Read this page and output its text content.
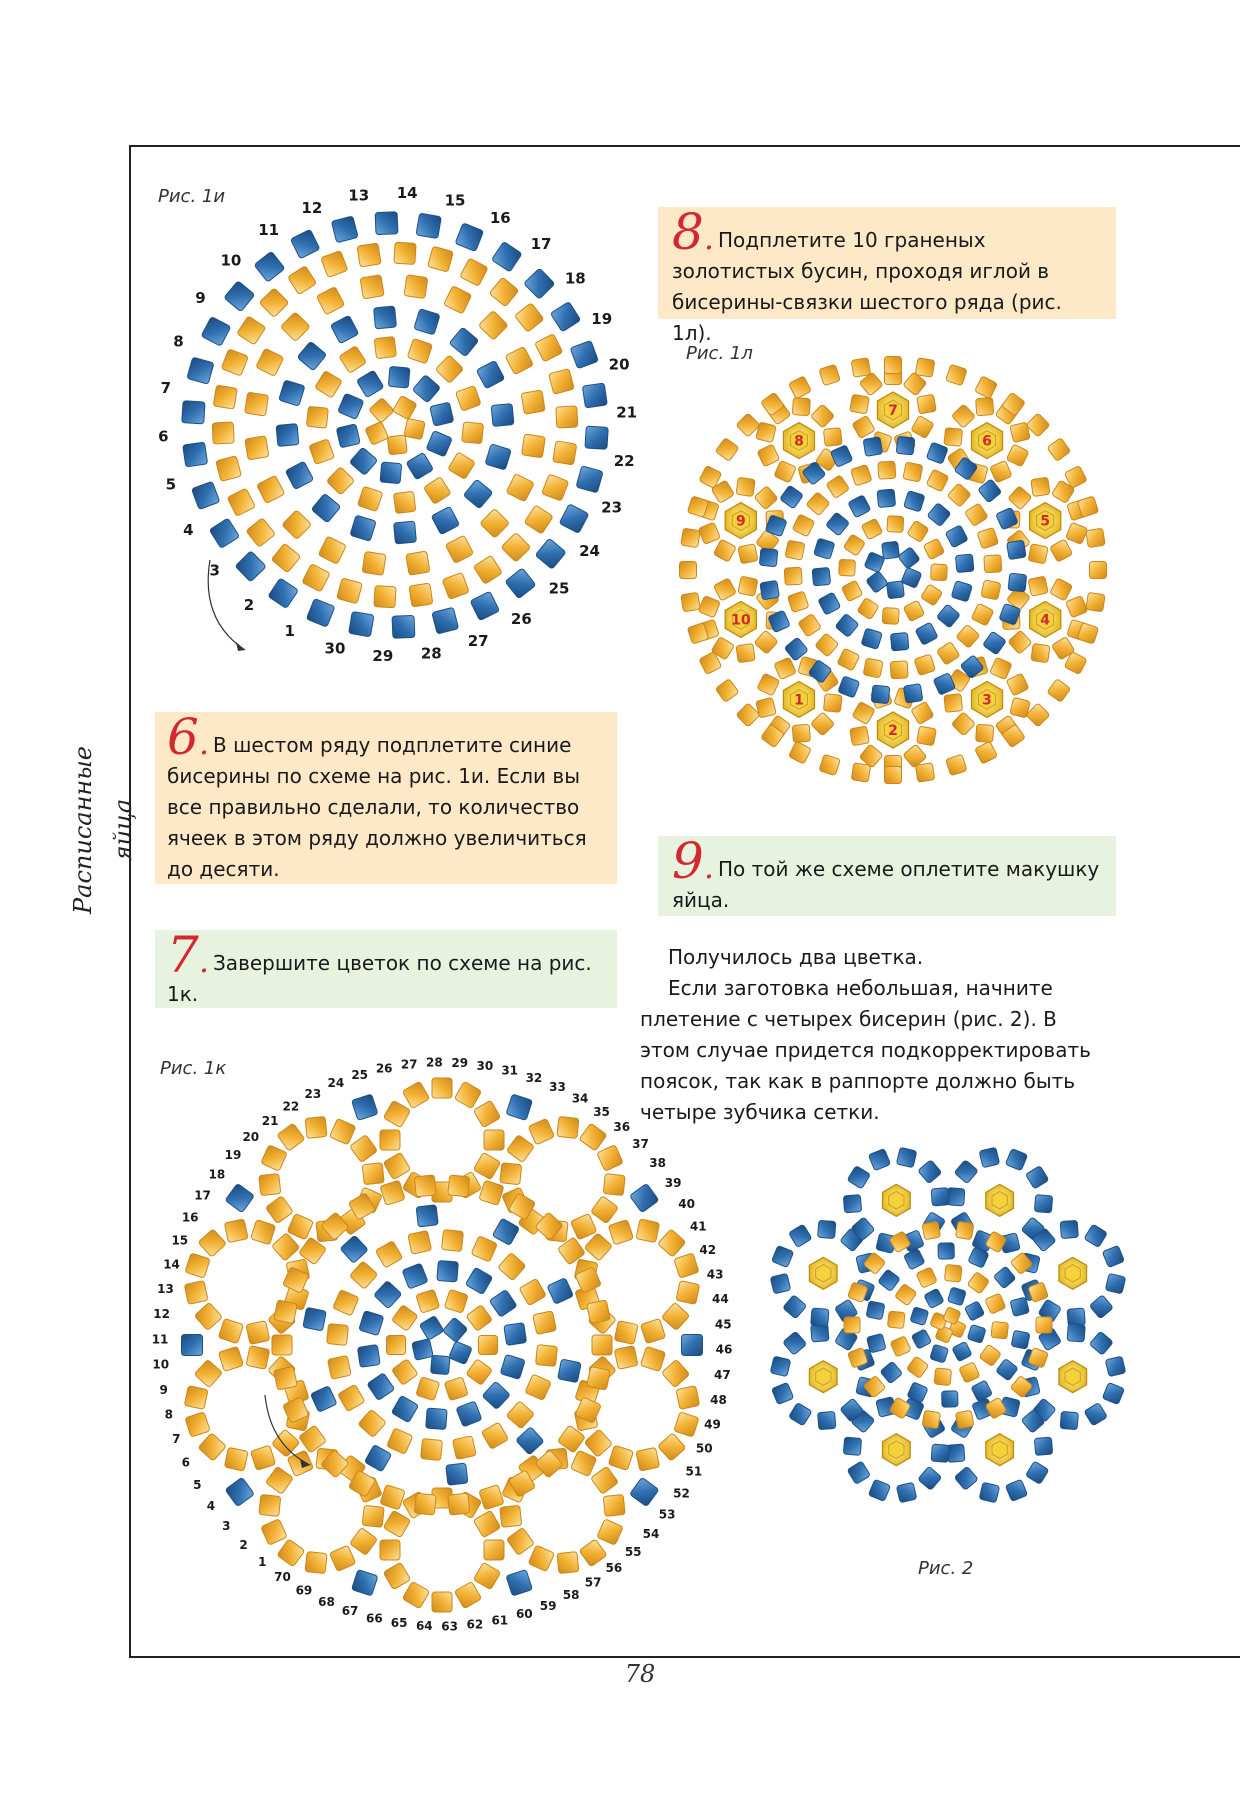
Расписанные яйца
Рис. 1и
1
2
3
4
5
6
7
8
9
10
11
12
13 14 15
16
17
18
19
20
21
22
23
24
25
26
27
28
29
30
8. Подплетите 10 граненых золотистых бусин, проходя иглой в бисерины-связки шестого ряда (рис. 1л).
Рис. 1л
7
6
5
4
3
2
1
10
9
8
6. В шестом ряду подплетите синие бисерины по схеме на рис. 1и. Если вы все правильно сделали, то количество ячеек в этом ряду должно увеличиться до десяти.	9. По той же схеме оплетите макушку яйца.
7. Завершите цветок по схеме на рис. 1к.

Получилось два цветка.

Если заготовка небольшая, начните плетение с четырех бисерин (рис. 2). В этом случае придется подкорректировать поясок, так как в раппорте должно быть четыре зубчика сетки.

Рис. 1к
1
2
3
4
5
6
7
8
9
10
11
12
13
14
15
16
17
18
19
20
21
22
23
24
25 26 27 28 29 30 31
32
33
34
35
36
37
38
39
40
41
42
43
44
45
46
47
48
49
50
51
52
53
54
55
56
57
58
59
60
61
62
63
64
65
66
67
68
69
70	Рис. 2
78
